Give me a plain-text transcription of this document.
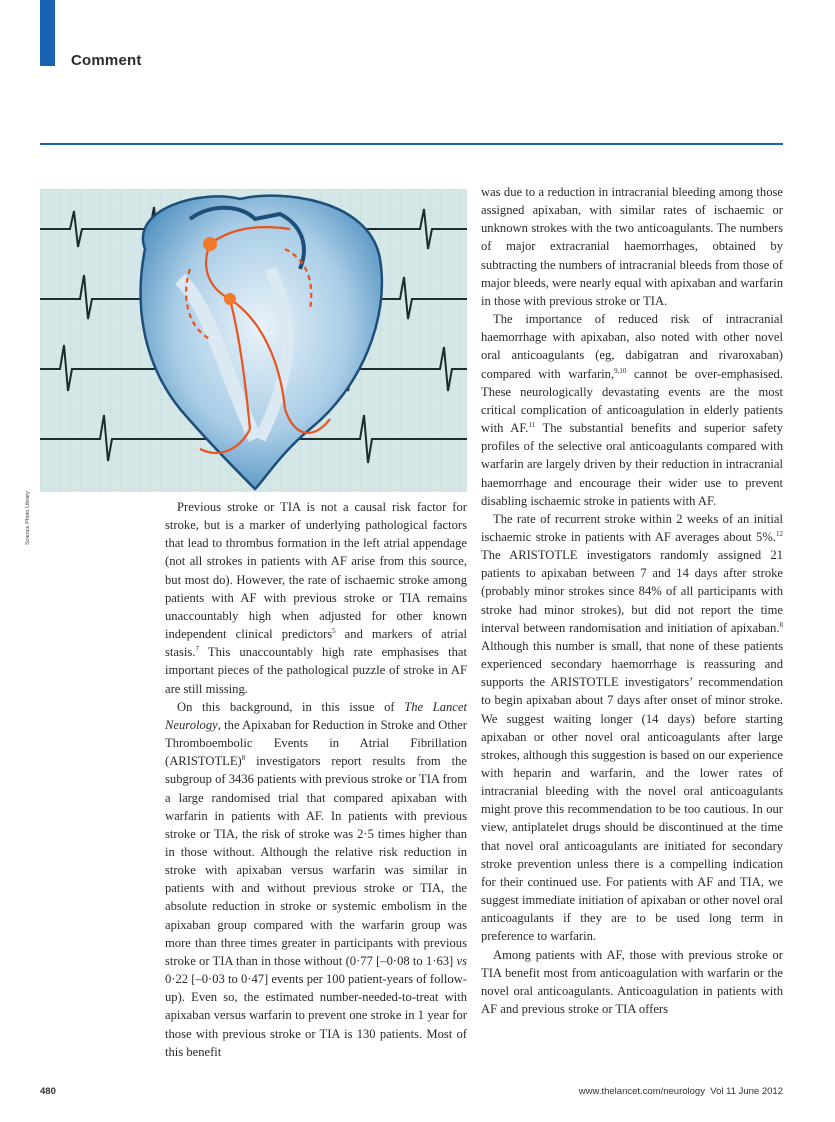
Comment
Science Photo Library	Previous stroke or TIA is not a causal risk factor for stroke, but is a marker of underlying pathological factors that lead to thrombus formation in the left atrial appendage (not all strokes in patients with AF arise from this source, but most do). However, the rate of ischaemic stroke among patients with AF with previous stroke or TIA remains unaccountably high when adjusted for other known independent clinical predictors$^5$ and markers of atrial stasis.$^7$ This unaccountably high rate emphasises that important pieces of the pathological puzzle of stroke in AF are still missing.

On this background, in this issue of The Lancet Neurology, the Apixaban for Reduction in Stroke and Other Thromboembolic Events in Atrial Fibrillation (ARISTOTLE)$^8$ investigators report results from the subgroup of 3436 patients with previous stroke or TIA from a large randomised trial that compared apixaban with warfarin in patients with AF. In patients with previous stroke or TIA, the risk of stroke was 2·5 times higher than in those without. Although the relative risk reduction in stroke with apixaban versus warfarin was similar in patients with and without previous stroke or TIA, the absolute reduction in stroke or systemic embolism in the apixaban group compared with the warfarin group was more than three times greater in participants with previous stroke or TIA than in those without (0·77 [–0·08 to 1·63] vs 0·22 [–0·03 to 0·47] events per 100 patient-years of follow-up). Even so, the estimated number-needed-to-treat with apixaban versus warfarin to prevent one stroke in 1 year for those with previous stroke or TIA is 130 patients. Most of this benefit

was due to a reduction in intracranial bleeding among those assigned apixaban, with similar rates of ischaemic or unknown strokes with the two anticoagulants. The numbers of major extracranial haemorrhages, obtained by subtracting the numbers of intracranial bleeds from those of major bleeds, were nearly equal with apixaban and warfarin in those with previous stroke or TIA.

The importance of reduced risk of intracranial haemorrhage with apixaban, also noted with other novel oral anticoagulants (eg, dabigatran and rivaroxaban) compared with warfarin,$^{9,10}$ cannot be over-emphasised. These neurologically devastating events are the most critical complication of anticoagulation in elderly patients with AF.$^{11}$ The substantial benefits and superior safety profiles of the selective oral anticoagulants compared with warfarin are largely driven by their reduction in intracranial haemorrhage and encourage their wider use to prevent disabling ischaemic stroke in patients with AF.

The rate of recurrent stroke within 2 weeks of an initial ischaemic stroke in patients with AF averages about 5%.$^{12}$ The ARISTOTLE investigators randomly assigned 21 patients to apixaban between 7 and 14 days after stroke (probably minor strokes since 84% of all participants with stroke had minor strokes), but did not report the time interval between randomisation and initiation of apixaban.$^8$ Although this number is small, that none of these patients experienced secondary haemorrhage is reassuring and supports the ARISTOTLE investigators’ recommendation to begin apixaban about 7 days after onset of minor stroke. We suggest waiting longer (14 days) before starting apixaban or other novel oral anticoagulants after large strokes, although this suggestion is based on our experience with heparin and warfarin, and the lower rates of intracranial bleeding with the novel oral anticoagulants might prove this recommendation to be too cautious. In our view, antiplatelet drugs should be discontinued at the time that novel oral anticoagulants are initiated for secondary stroke prevention unless there is a compelling indication for their continued use. For patients with AF and TIA, we suggest immediate initiation of apixaban or other novel oral anticoagulants if they are to be used long term in preference to warfarin.

Among patients with AF, those with previous stroke or TIA benefit most from anticoagulation with warfarin or the novel oral anticoagulants. Anticoagulation in patients with AF and previous stroke or TIA offers

480	www.thelancet.com/neurology Vol 11 June 2012
